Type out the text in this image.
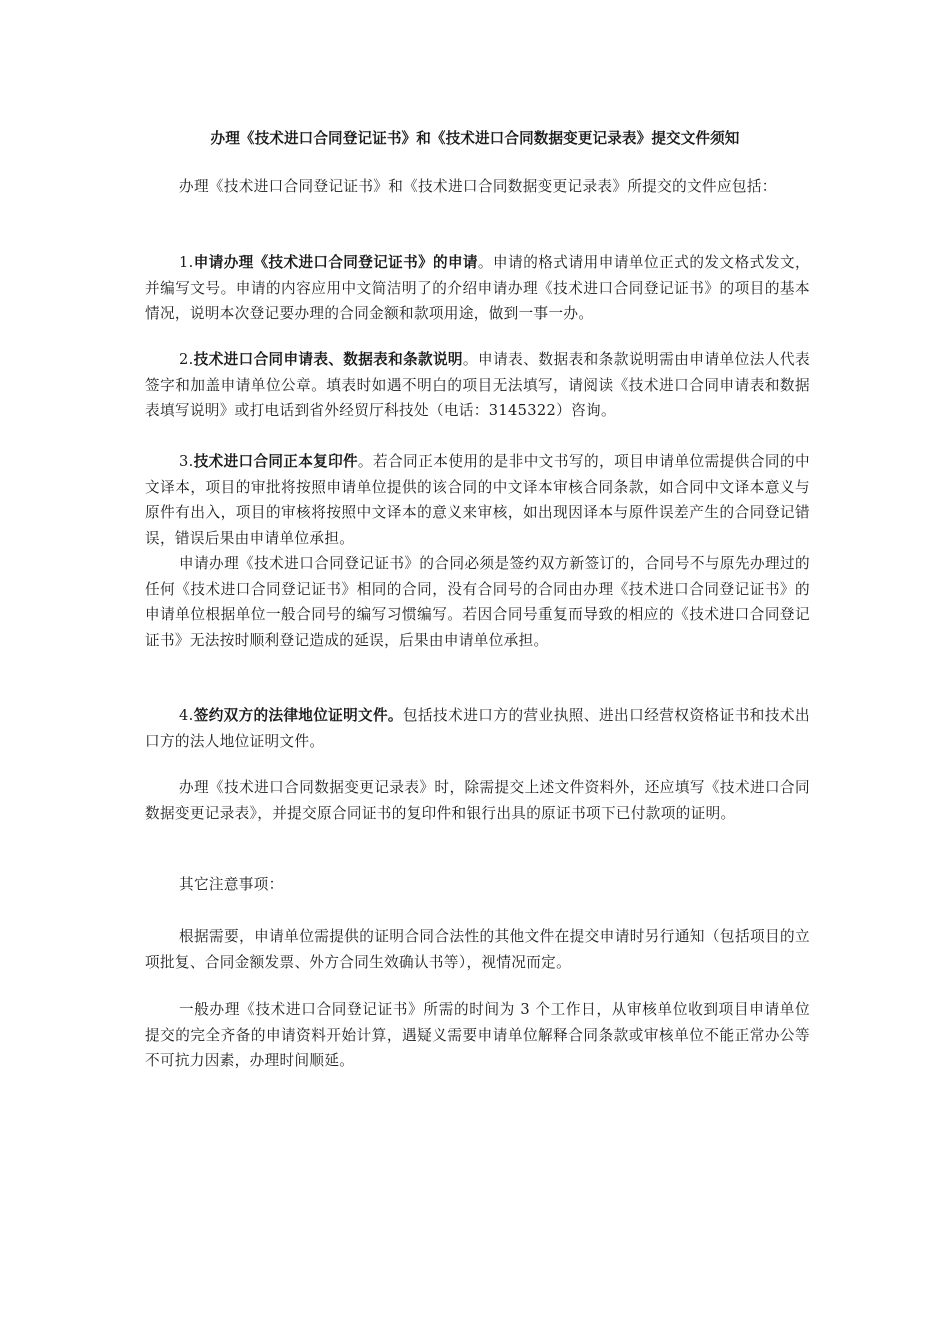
办理《技术进口合同登记证书》和《技术进口合同数据变更记录表》提交文件须知
办理《技术进口合同登记证书》和《技术进口合同数据变更记录表》所提交的文件应包括：
1.申请办理《技术进口合同登记证书》的申请。申请的格式请用申请单位正式的发文格式发文，并编写文号。申请的内容应用中文简洁明了的介绍申请办理《技术进口合同登记证书》的项目的基本情况，说明本次登记要办理的合同金额和款项用途，做到一事一办。
2.技术进口合同申请表、数据表和条款说明。申请表、数据表和条款说明需由申请单位法人代表签字和加盖申请单位公章。填表时如遇不明白的项目无法填写，请阅读《技术进口合同申请表和数据表填写说明》或打电话到省外经贸厅科技处（电话：3145322）咨询。
3.技术进口合同正本复印件。若合同正本使用的是非中文书写的，项目申请单位需提供合同的中文译本，项目的审批将按照申请单位提供的该合同的中文译本审核合同条款，如合同中文译本意义与原件有出入，项目的审核将按照中文译本的意义来审核，如出现因译本与原件误差产生的合同登记错误，错误后果由申请单位承担。
申请办理《技术进口合同登记证书》的合同必须是签约双方新签订的，合同号不与原先办理过的任何《技术进口合同登记证书》相同的合同，没有合同号的合同由办理《技术进口合同登记证书》的申请单位根据单位一般合同号的编写习惯编写。若因合同号重复而导致的相应的《技术进口合同登记证书》无法按时顺利登记造成的延误，后果由申请单位承担。
4.签约双方的法律地位证明文件。包括技术进口方的营业执照、进出口经营权资格证书和技术出口方的法人地位证明文件。
办理《技术进口合同数据变更记录表》时，除需提交上述文件资料外，还应填写《技术进口合同数据变更记录表》，并提交原合同证书的复印件和银行出具的原证书项下已付款项的证明。
其它注意事项：
根据需要，申请单位需提供的证明合同合法性的其他文件在提交申请时另行通知（包括项目的立项批复、合同金额发票、外方合同生效确认书等），视情况而定。
一般办理《技术进口合同登记证书》所需的时间为 3 个工作日，从审核单位收到项目申请单位提交的完全齐备的申请资料开始计算，遇疑义需要申请单位解释合同条款或审核单位不能正常办公等不可抗力因素，办理时间顺延。
